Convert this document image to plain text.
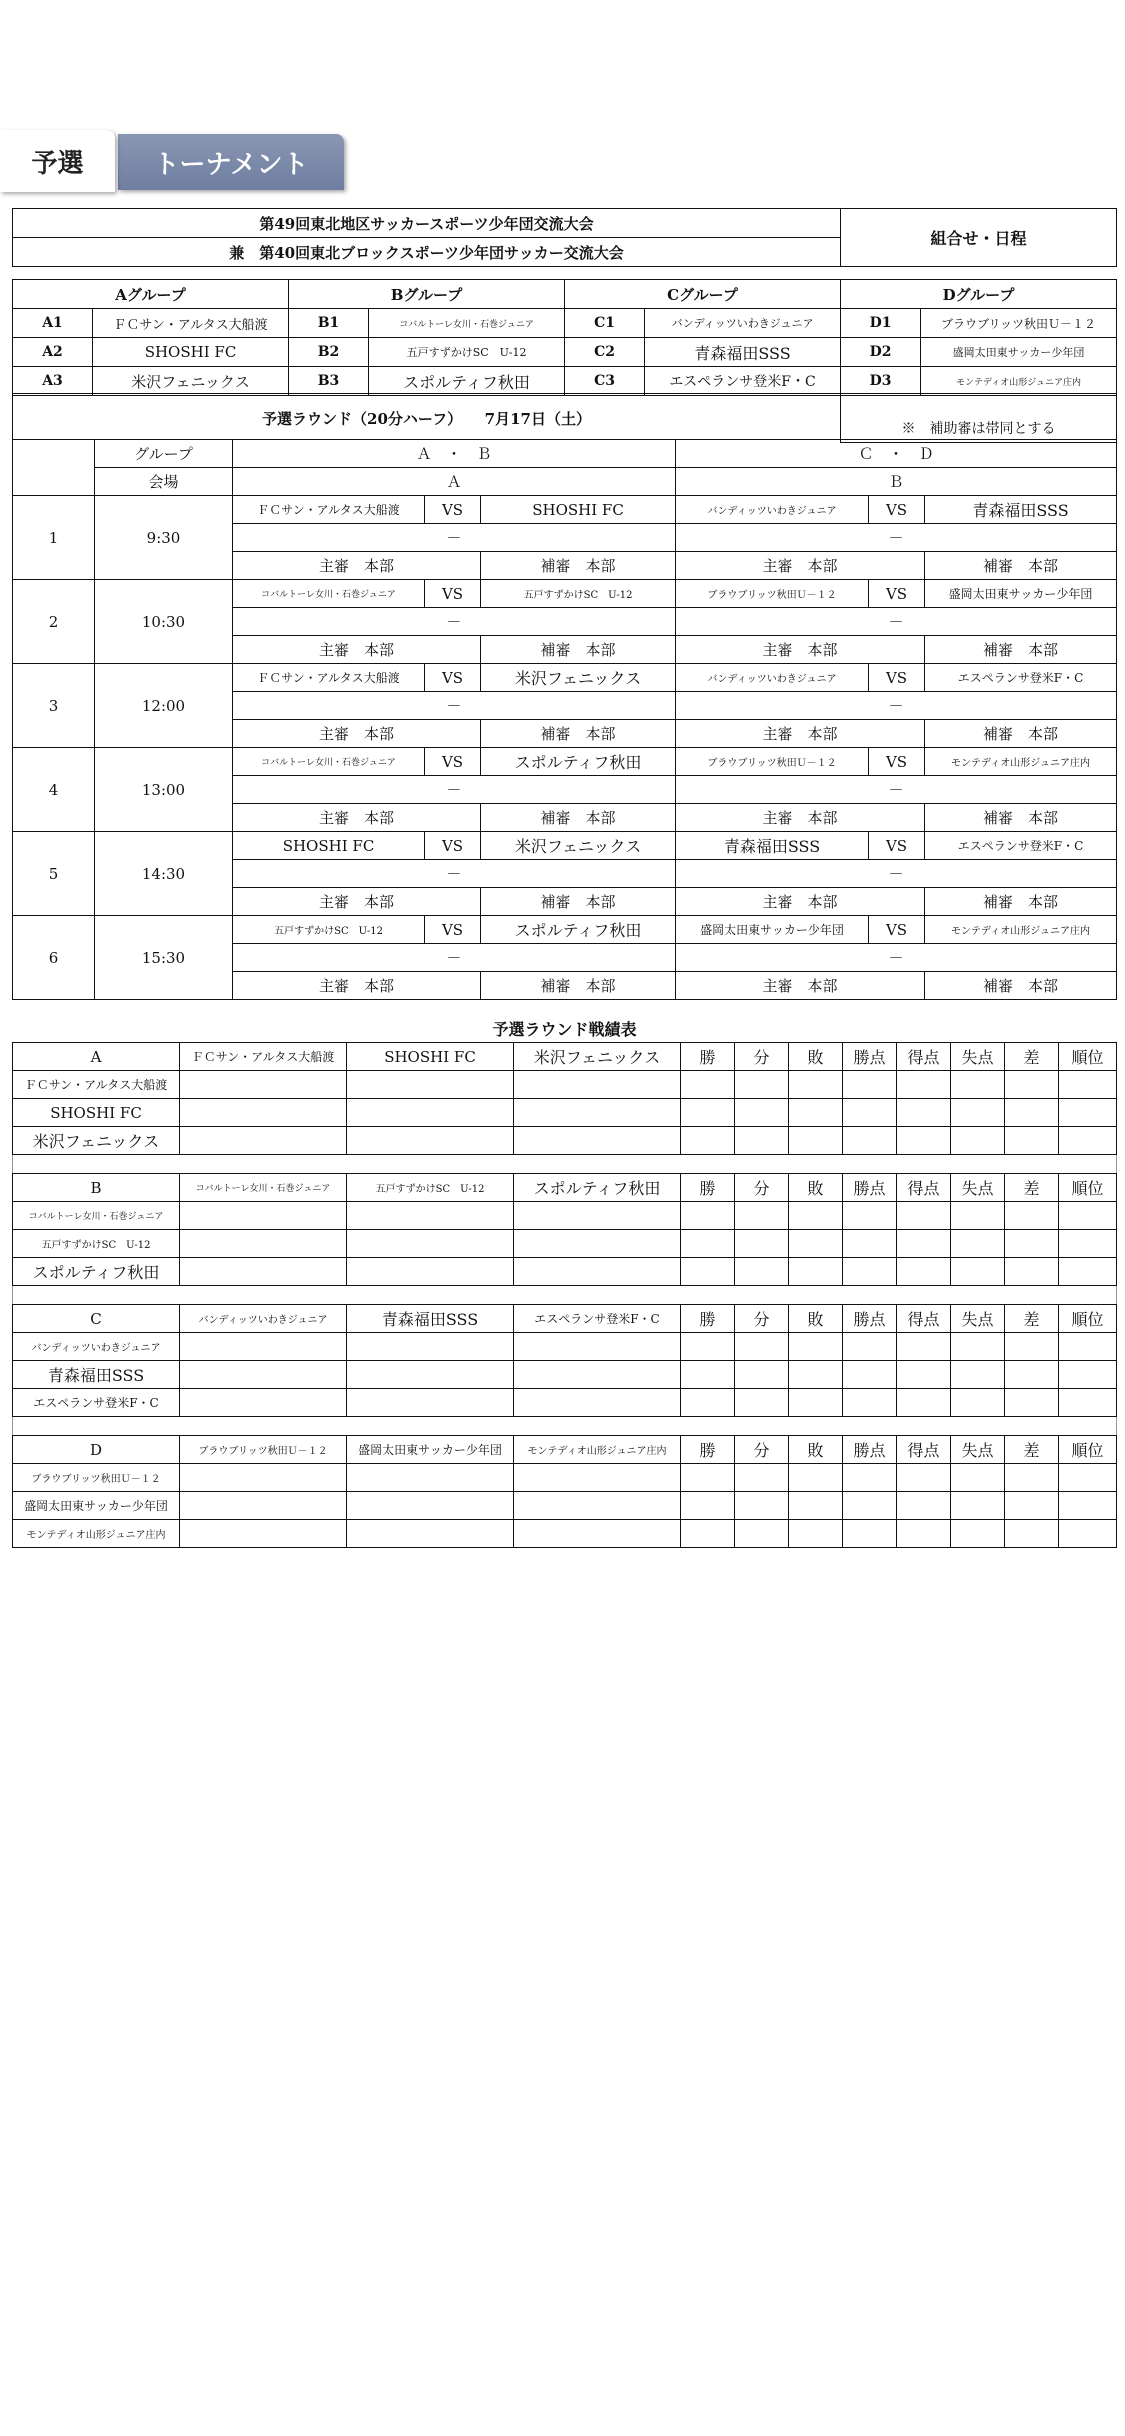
予選	トーナメント
第49回東北地区サッカースポーツ少年団交流大会	組合せ・日程
兼　第40回東北ブロックスポーツ少年団サッカー交流大会
Aグループ		Bグループ		Cグループ		Dグループ	
A1	ＦＣサン・アルタス大船渡	B1	コバルトーレ女川・石巻ジュニア	C1	バンディッツいわきジュニア	D1	ブラウブリッツ秋田Ｕ－１２
A2	SHOSHI FC	B2	五戸すずかけSC　U-12	C2	青森福田SSS	D2	盛岡太田東サッカー少年団
A3	米沢フェニックス	B3	スポルティフ秋田	C3	エスペランサ登米F・C	D3	モンテディオ山形ジュニア庄内
予選ラウンド（20分ハーフ）　　7月17日（土）	※　補助審は帯同とする
	グループ	Ａ　・　Ｂ			Ｃ　・　Ｄ		
	会場	Ａ			Ｂ		
1	9:30	ＦＣサン・アルタス大船渡	VS	SHOSHI FC	バンディッツいわきジュニア	VS	青森福田SSS
		－			－		
		主審　本部		補審　本部	主審　本部		補審　本部
2	10:30	コバルトーレ女川・石巻ジュニア	VS	五戸すずかけSC　U-12	ブラウブリッツ秋田Ｕ－１２	VS	盛岡太田東サッカー少年団
		－			－		
		主審　本部		補審　本部	主審　本部		補審　本部
3	12:00	ＦＣサン・アルタス大船渡	VS	米沢フェニックス	バンディッツいわきジュニア	VS	エスペランサ登米F・C
		－			－		
		主審　本部		補審　本部	主審　本部		補審　本部
4	13:00	コバルトーレ女川・石巻ジュニア	VS	スポルティフ秋田	ブラウブリッツ秋田Ｕ－１２	VS	モンテディオ山形ジュニア庄内
		－			－		
		主審　本部		補審　本部	主審　本部		補審　本部
5	14:30	SHOSHI FC	VS	米沢フェニックス	青森福田SSS	VS	エスペランサ登米F・C
		－			－		
		主審　本部		補審　本部	主審　本部		補審　本部
6	15:30	五戸すずかけSC　U-12	VS	スポルティフ秋田	盛岡太田東サッカー少年団	VS	モンテディオ山形ジュニア庄内
		－			－		
		主審　本部		補審　本部	主審　本部		補審　本部
予選ラウンド戦績表
A	ＦＣサン・アルタス大船渡	SHOSHI FC	米沢フェニックス	勝	分	敗	勝点	得点	失点	差	順位
ＦＣサン・アルタス大船渡											
SHOSHI FC											
米沢フェニックス											

B	コバルトーレ女川・石巻ジュニア	五戸すずかけSC　U-12	スポルティフ秋田	勝	分	敗	勝点	得点	失点	差	順位
コバルトーレ女川・石巻ジュニア											
五戸すずかけSC　U-12											
スポルティフ秋田											

C	バンディッツいわきジュニア	青森福田SSS	エスペランサ登米F・C	勝	分	敗	勝点	得点	失点	差	順位
バンディッツいわきジュニア											
青森福田SSS											
エスペランサ登米F・C											

D	ブラウブリッツ秋田Ｕ－１２	盛岡太田東サッカー少年団	モンテディオ山形ジュニア庄内	勝	分	敗	勝点	得点	失点	差	順位
ブラウブリッツ秋田Ｕ－１２											
盛岡太田東サッカー少年団											
モンテディオ山形ジュニア庄内											
